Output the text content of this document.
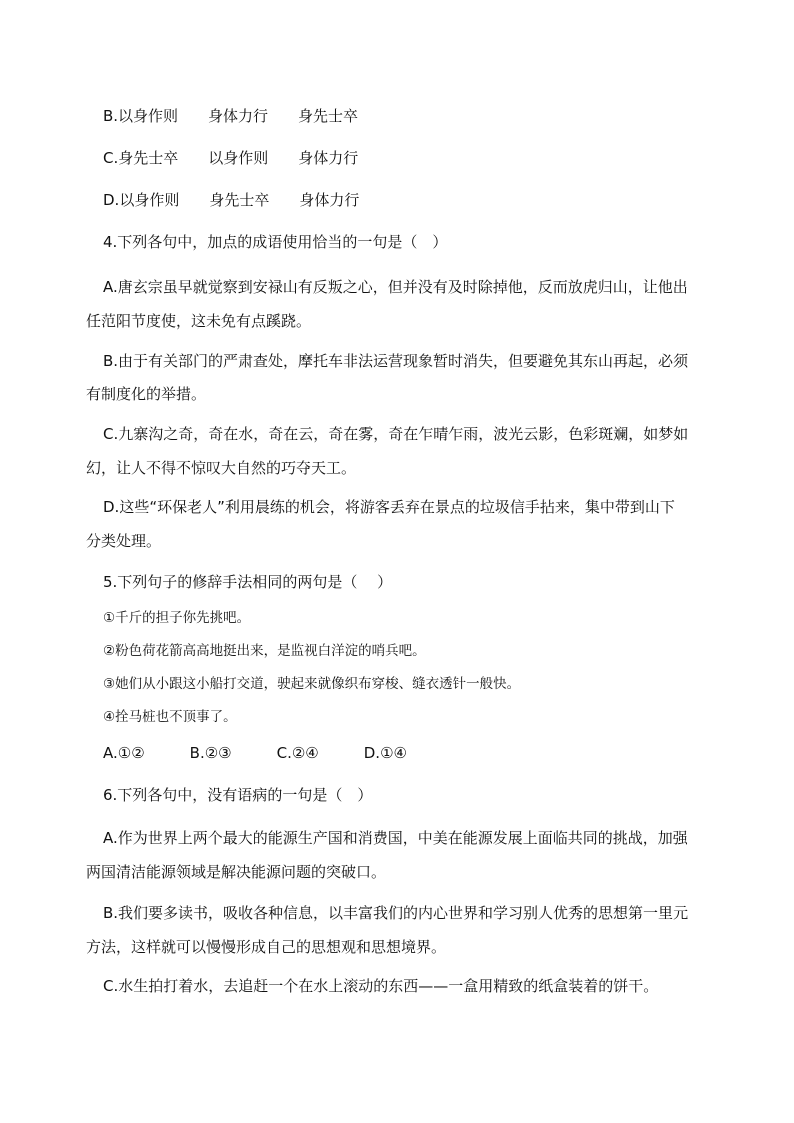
B.以身作则　　身体力行　　身先士卒
C.身先士卒　　以身作则　　身体力行
D.以身作则　　身先士卒　　身体力行
4.下列各句中，加点的成语使用恰当的一句是（　）
A.唐玄宗虽早就觉察到安禄山有反叛之心，但并没有及时除掉他，反而放虎归山，让他出
任范阳节度使，这未免有点蹊跷。
B.由于有关部门的严肃查处，摩托车非法运营现象暂时消失，但要避免其东山再起，必须
有制度化的举措。
C.九寨沟之奇，奇在水，奇在云，奇在雾，奇在乍晴乍雨，波光云影，色彩斑斓，如梦如
幻，让人不得不惊叹大自然的巧夺天工。
D.这些“环保老人”利用晨练的机会，将游客丢弃在景点的垃圾信手拈来，集中带到山下
分类处理。
5.下列句子的修辞手法相同的两句是（　 ）
①千斤的担子你先挑吧。
②粉色荷花箭高高地挺出来，是监视白洋淀的哨兵吧。
③她们从小跟这小船打交道，驶起来就像织布穿梭、缝衣透针一般快。
④拴马桩也不顶事了。
A.①②　　　B.②③　　　C.②④　　　D.①④
6.下列各句中，没有语病的一句是（　）
A.作为世界上两个最大的能源生产国和消费国，中美在能源发展上面临共同的挑战，加强
两国清洁能源领域是解决能源问题的突破口。
B.我们要多读书，吸收各种信息，以丰富我们的内心世界和学习别人优秀的思想第一里元
方法，这样就可以慢慢形成自己的思想观和思想境界。
C.水生拍打着水，去追赶一个在水上滚动的东西——一盒用精致的纸盒装着的饼干。
